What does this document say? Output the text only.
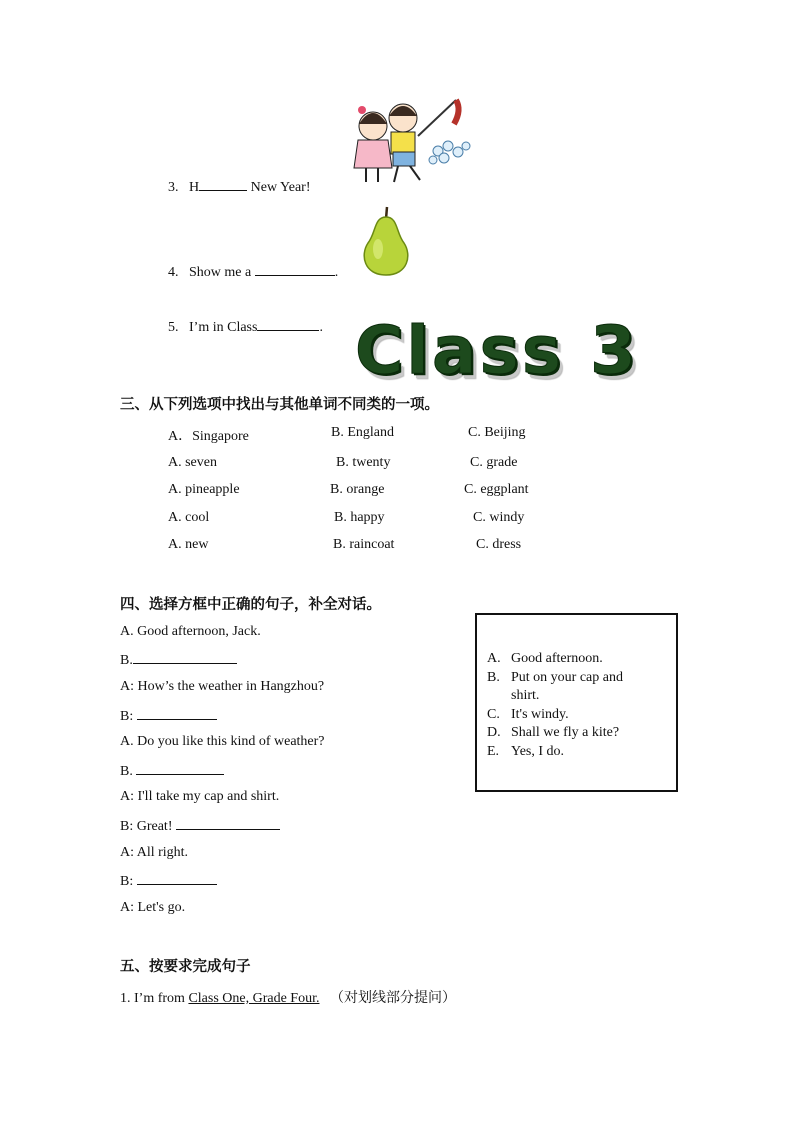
3. H	New Year!
4. Show me a	.
5. I’m in Class	. Class 3
三、从下列选项中找出与其他单词不同类的一项。
A．Singapore	B. England	C. Beijing
A. seven	B. twenty	C. grade
A. pineapple	B. orange	C. eggplant
A. cool	B. happy	C. windy
A. new	B. raincoat	C. dress
四、选择方框中正确的句子，补全对话。
A. Good afternoon, Jack.
B.
A: How’s the weather in Hangzhou?
B:
A. Do you like this kind of weather?
B.
A: I'll take my cap and shirt.
B: Great!
A: All right.
B:
A: Let's go.
A. Good afternoon.
B. Put on your cap and
shirt.
C. It's windy.
D. Shall we fly a kite?
E. Yes, I do.
五、按要求完成句子
1. I’m from Class One, Grade Four. （对划线部分提问）
